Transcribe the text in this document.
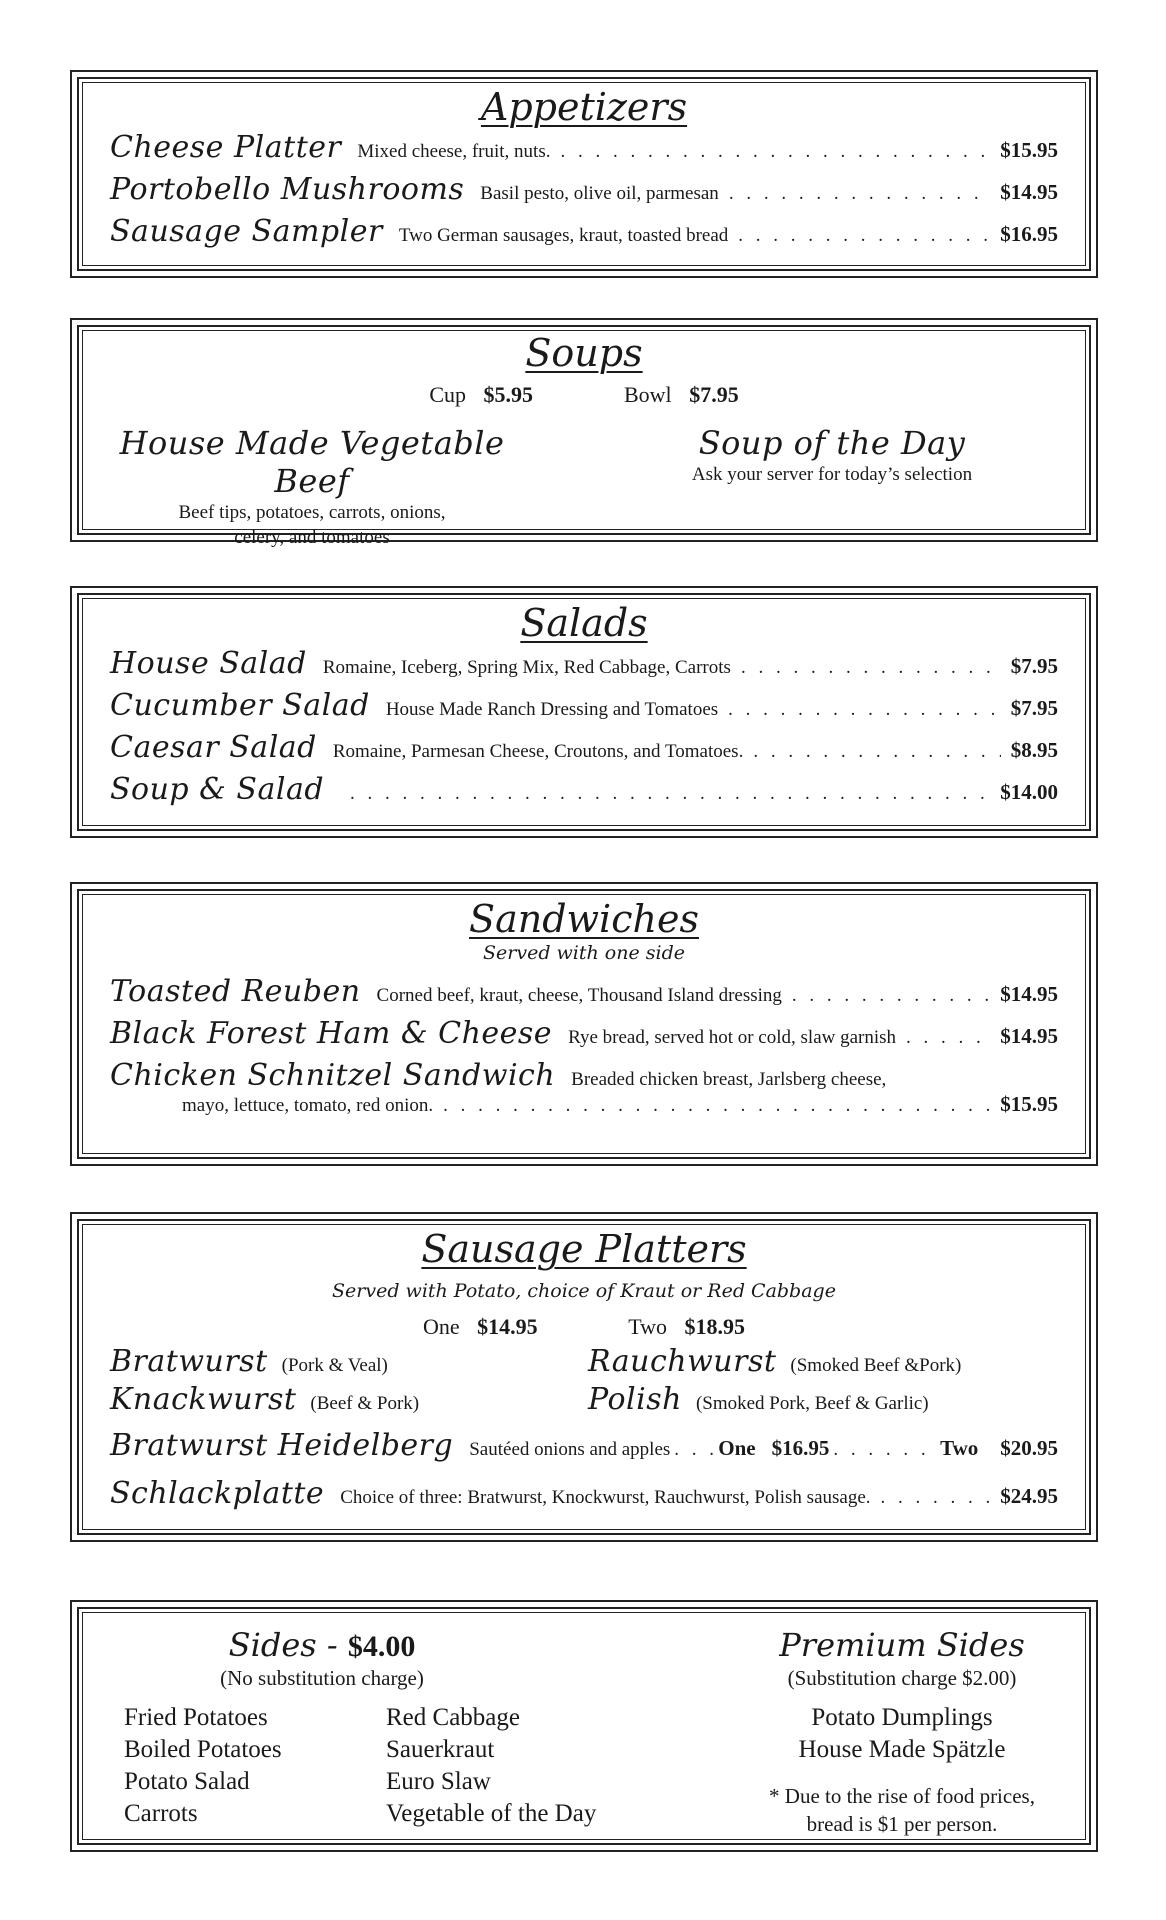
Appetizers
Cheese Platter Mixed cheese, fruit, nuts. . . .	$15.95
Portobello Mushrooms Basil pesto, olive oil, parmesan . . .	$14.95
Sausage Sampler Two German sausages, kraut, toasted bread . . .	$16.95
Soups
Cup $5.95	Bowl $7.95
House Made Vegetable Beef
Beef tips, potatoes, carrots, onions,
celery, and tomatoes
Soup of the Day
Ask your server for today’s selection
Salads
House Salad Romaine, Iceberg, Spring Mix, Red Cabbage, Carrots . . .	$7.95
Cucumber Salad House Made Ranch Dressing and Tomatoes . . .	$7.95
Caesar Salad Romaine, Parmesan Cheese, Croutons, and Tomatoes. . . .	$8.95
Soup & Salad . . .	$14.00
Sandwiches
Served with one side
Toasted Reuben Corned beef, kraut, cheese, Thousand Island dressing . . .	$14.95
Black Forest Ham & Cheese Rye bread, served hot or cold, slaw garnish . . .	$14.95
Chicken Schnitzel Sandwich Breaded chicken breast, Jarlsberg cheese,
mayo, lettuce, tomato, red onion. . . .	$15.95
Sausage Platters
Served with Potato, choice of Kraut or Red Cabbage
One $14.95	Two $18.95
Bratwurst (Pork & Veal)	Rauchwurst (Smoked Beef &Pork)
Knackwurst (Beef & Pork)	Polish (Smoked Pork, Beef & Garlic)
Bratwurst Heidelberg Sautéed onions and apples . . . One $16.95 . . .	Two $20.95
Schlackplatte Choice of three: Bratwurst, Knockwurst, Rauchwurst, Polish sausage. . . .	$24.95
Sides - $4.00
(No substitution charge)
Fried Potatoes
Boiled Potatoes
Potato Salad
Carrots
Red Cabbage
Sauerkraut
Euro Slaw
Vegetable of the Day
Premium Sides
(Substitution charge $2.00)
Potato Dumplings
House Made Spätzle
* Due to the rise of food prices,
bread is $1 per person.
